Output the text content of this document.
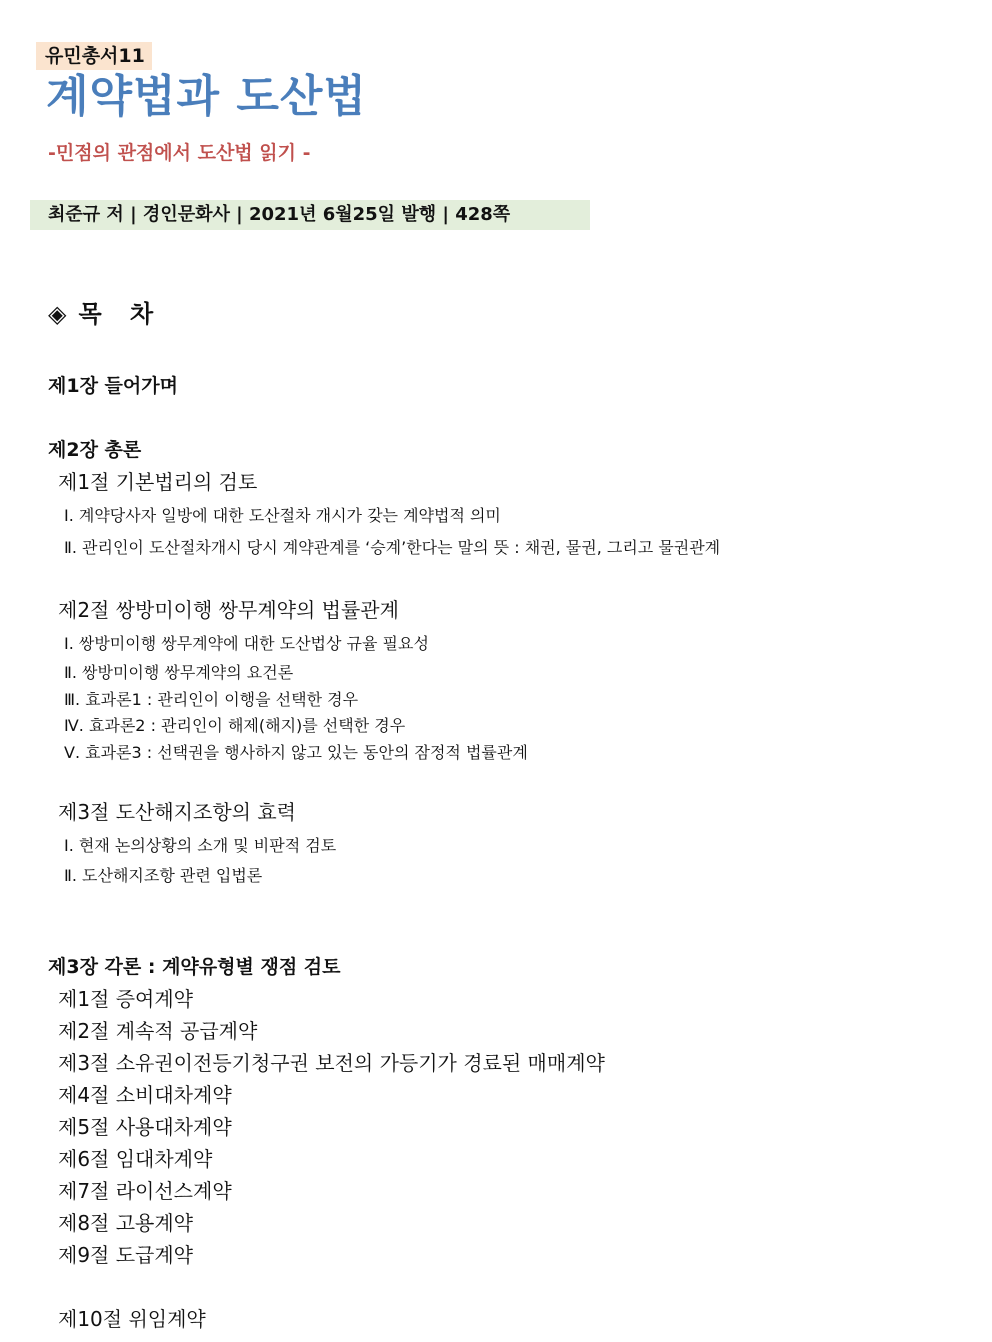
유민총서11
계약법과 도산법
-민점의 관점에서 도산법 읽기 -
최준규 저 | 경인문화사 | 2021년 6월25일 발행 | 428쪽
◈ 목 차
제1장 들어가며
제2장 총론
제1절 기본법리의 검토
Ⅰ. 계약당사자 일방에 대한 도산절차 개시가 갖는 계약법적 의미
Ⅱ. 관리인이 도산절차개시 당시 계약관계를 ‘승계’한다는 말의 뜻 : 채권, 물권, 그리고 물권관계
제2절 쌍방미이행 쌍무계약의 법률관계
Ⅰ. 쌍방미이행 쌍무계약에 대한 도산법상 규율 필요성
Ⅱ. 쌍방미이행 쌍무계약의 요건론
Ⅲ. 효과론1 : 관리인이 이행을 선택한 경우
Ⅳ. 효과론2 : 관리인이 해제(해지)를 선택한 경우
Ⅴ. 효과론3 : 선택권을 행사하지 않고 있는 동안의 잠정적 법률관계
제3절 도산해지조항의 효력
Ⅰ. 현재 논의상황의 소개 및 비판적 검토
Ⅱ. 도산해지조항 관련 입법론
제3장 각론 : 계약유형별 쟁점 검토
제1절 증여계약
제2절 계속적 공급계약
제3절 소유권이전등기청구권 보전의 가등기가 경료된 매매계약
제4절 소비대차계약
제5절 사용대차계약
제6절 임대차계약
제7절 라이선스계약
제8절 고용계약
제9절 도급계약
제10절 위임계약
